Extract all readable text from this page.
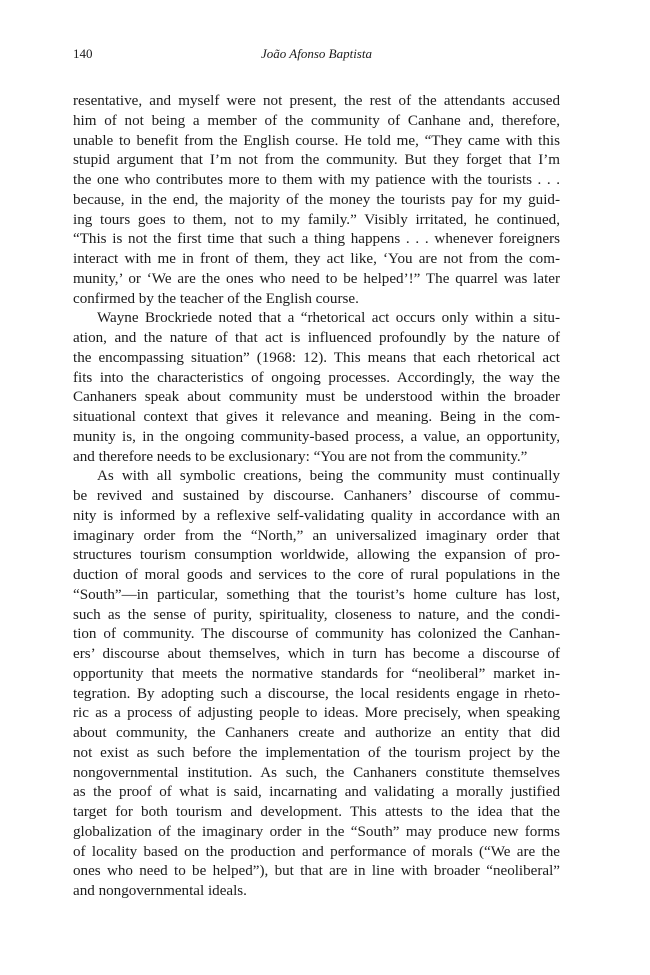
140	João Afonso Baptista
resentative, and myself were not present, the rest of the attendants accused
him of not being a member of the community of Canhane and, therefore,
unable to benefit from the English course. He told me, “They came with this
stupid argument that I’m not from the community. But they forget that I’m
the one who contributes more to them with my patience with the tourists . . .
because, in the end, the majority of the money the tourists pay for my guid-
ing tours goes to them, not to my family.” Visibly irritated, he continued,
“This is not the first time that such a thing happens . . . whenever foreigners
interact with me in front of them, they act like, ‘You are not from the com-
munity,’ or ‘We are the ones who need to be helped’!” The quarrel was later
confirmed by the teacher of the English course.
Wayne Brockriede noted that a “rhetorical act occurs only within a situ-
ation, and the nature of that act is influenced profoundly by the nature of
the encompassing situation” (1968: 12). This means that each rhetorical act
fits into the characteristics of ongoing processes. Accordingly, the way the
Canhaners speak about community must be understood within the broader
situational context that gives it relevance and meaning. Being in the com-
munity is, in the ongoing community-based process, a value, an opportunity,
and therefore needs to be exclusionary: “You are not from the community.”
As with all symbolic creations, being the community must continually
be revived and sustained by discourse. Canhaners’ discourse of commu-
nity is informed by a reflexive self-validating quality in accordance with an
imaginary order from the “North,” an universalized imaginary order that
structures tourism consumption worldwide, allowing the expansion of pro-
duction of moral goods and services to the core of rural populations in the
“South”—in particular, something that the tourist’s home culture has lost,
such as the sense of purity, spirituality, closeness to nature, and the condi-
tion of community. The discourse of community has colonized the Canhan-
ers’ discourse about themselves, which in turn has become a discourse of
opportunity that meets the normative standards for “neoliberal” market in-
tegration. By adopting such a discourse, the local residents engage in rheto-
ric as a process of adjusting people to ideas. More precisely, when speaking
about community, the Canhaners create and authorize an entity that did
not exist as such before the implementation of the tourism project by the
nongovernmental institution. As such, the Canhaners constitute themselves
as the proof of what is said, incarnating and validating a morally justified
target for both tourism and development. This attests to the idea that the
globalization of the imaginary order in the “South” may produce new forms
of locality based on the production and performance of morals (“We are the
ones who need to be helped”), but that are in line with broader “neoliberal”
and nongovernmental ideals.
